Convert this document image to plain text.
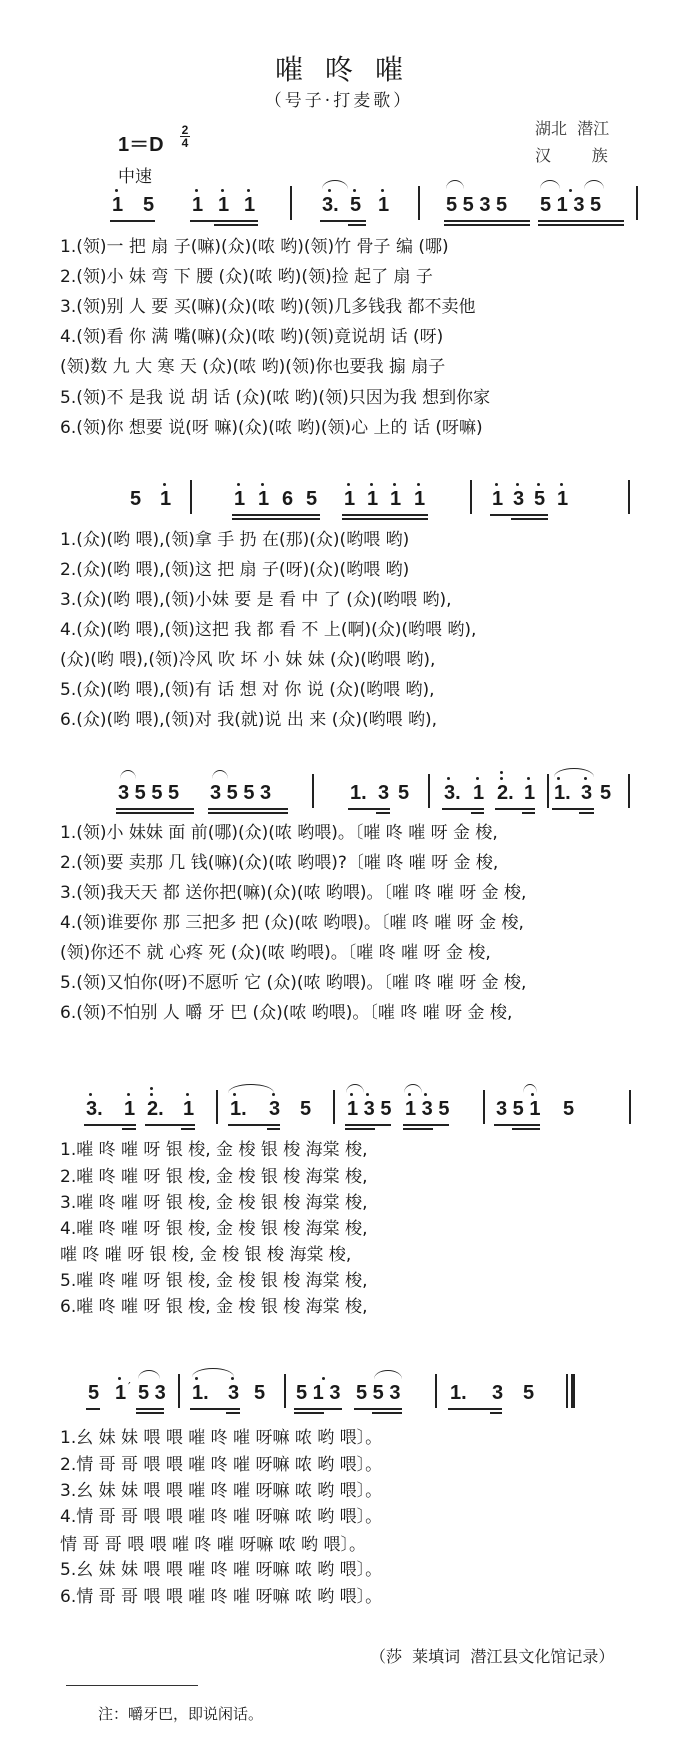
嗺咚嗺
（号子·打麦歌）
1＝D
2
4
中速
湖北  潜江
汉        族
1 5 1 1 1	3. 5 1	5 5 3 5 5 1 3 5
1.(领)一 把 扇 子(嘛)(众)(哝 哟)(领)竹 骨子 编 (哪)
2.(领)小 妹 弯 下 腰 (众)(哝 哟)(领)捡 起了 扇 子
3.(领)别 人 要 买(嘛)(众)(哝 哟)(领)几多钱我 都不卖他
4.(领)看 你 满 嘴(嘛)(众)(哝 哟)(领)竟说胡 话 (呀)
(领)数 九 大 寒 天 (众)(哝 哟)(领)你也要我 搧 扇子
5.(领)不 是我 说 胡 话 (众)(哝 哟)(领)只因为我 想到你家
6.(领)你 想要 说(呀 嘛)(众)(哝 哟)(领)心 上的 话 (呀嘛)
5 1	1 1 6 5 1 1 1 1	1 3 5 1
1.(众)(哟 喂),(领)拿 手 扔 在(那)(众)(哟喂 哟)
2.(众)(哟 喂),(领)这 把 扇 子(呀)(众)(哟喂 哟)
3.(众)(哟 喂),(领)小妹 要 是 看 中 了 (众)(哟喂 哟),
4.(众)(哟 喂),(领)这把 我 都 看 不 上(啊)(众)(哟喂 哟),
(众)(哟 喂),(领)冷风 吹 坏 小 妹 妹 (众)(哟喂 哟),
5.(众)(哟 喂),(领)有 话 想 对 你 说 (众)(哟喂 哟),
6.(众)(哟 喂),(领)对 我(就)说 出 来 (众)(哟喂 哟),
3 5 5 5 3 5 5 3	1. 3 5 3. 1 2. 1 1. 3 5
1.(领)小 妹妹 面 前(哪)(众)(哝 哟喂)。〔嗺 咚 嗺 呀 金 梭,
2.(领)要 卖那 几 钱(嘛)(众)(哝 哟喂)?〔嗺 咚 嗺 呀 金 梭,
3.(领)我天天 都 送你把(嘛)(众)(哝 哟喂)。〔嗺 咚 嗺 呀 金 梭,
4.(领)谁要你 那 三把多 把 (众)(哝 哟喂)。〔嗺 咚 嗺 呀 金 梭,
(领)你还不 就 心疼 死 (众)(哝 哟喂)。〔嗺 咚 嗺 呀 金 梭,
5.(领)又怕你(呀)不愿听 它 (众)(哝 哟喂)。〔嗺 咚 嗺 呀 金 梭,
6.(领)不怕别 人 嚼 牙 巴 (众)(哝 哟喂)。〔嗺 咚 嗺 呀 金 梭,
3. 1 2. 1 1. 3 5 1 3 5 1 3 5 3 5 1 5
1.嗺 咚 嗺 呀 银 梭, 金 梭 银 梭 海棠 梭,
2.嗺 咚 嗺 呀 银 梭, 金 梭 银 梭 海棠 梭,
3.嗺 咚 嗺 呀 银 梭, 金 梭 银 梭 海棠 梭,
4.嗺 咚 嗺 呀 银 梭, 金 梭 银 梭 海棠 梭,
嗺 咚 嗺 呀 银 梭, 金 梭 银 梭 海棠 梭,
5.嗺 咚 嗺 呀 银 梭, 金 梭 银 梭 海棠 梭,
6.嗺 咚 嗺 呀 银 梭, 金 梭 银 梭 海棠 梭,
5 1 ′ 5 3 1. 3 5 5 1 3 5 5 3 1. 3 5
1.幺 妹 妹 喂 喂 嗺 咚 嗺 呀嘛 哝 哟 喂〕。
2.情 哥 哥 喂 喂 嗺 咚 嗺 呀嘛 哝 哟 喂〕。
3.幺 妹 妹 喂 喂 嗺 咚 嗺 呀嘛 哝 哟 喂〕。
4.情 哥 哥 喂 喂 嗺 咚 嗺 呀嘛 哝 哟 喂〕。
情 哥 哥 喂 喂 嗺 咚 嗺 呀嘛 哝 哟 喂〕。
5.幺 妹 妹 喂 喂 嗺 咚 嗺 呀嘛 哝 哟 喂〕。
6.情 哥 哥 喂 喂 嗺 咚 嗺 呀嘛 哝 哟 喂〕。
（莎  莱填词  潜江县文化馆记录）
注：嚼牙巴，即说闲话。
